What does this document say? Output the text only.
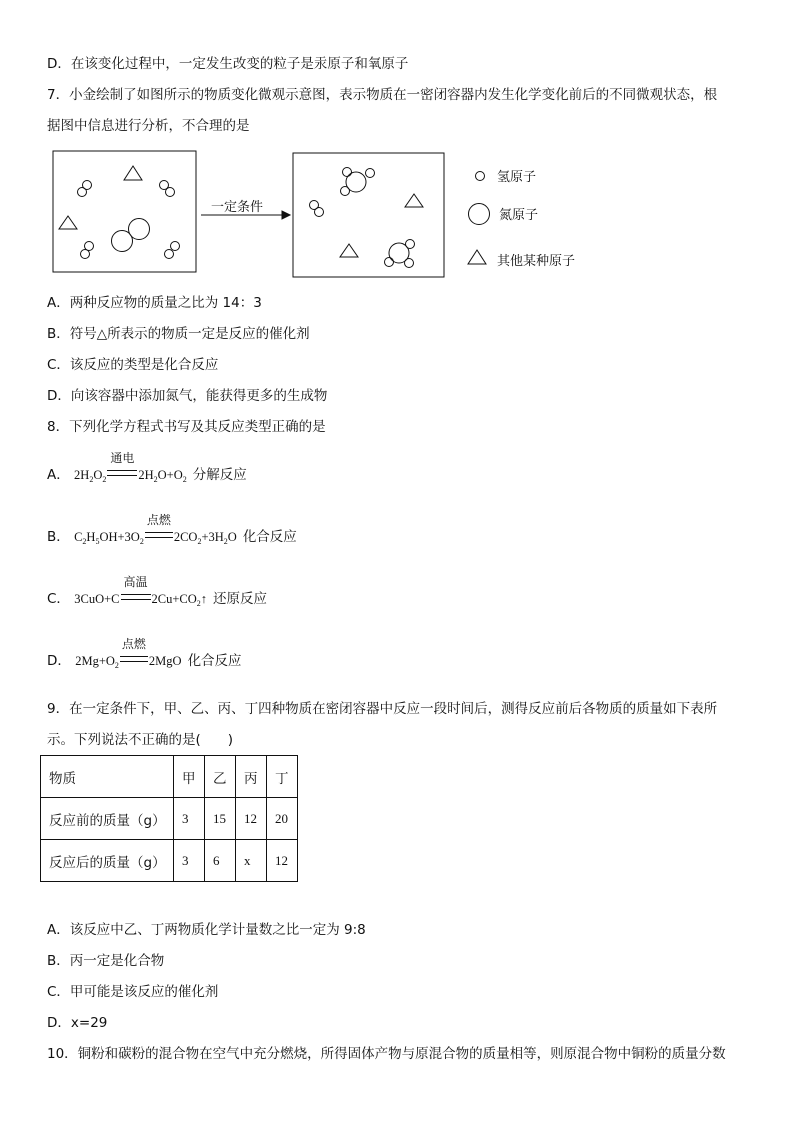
D．在该变化过程中，一定发生改变的粒子是汞原子和氧原子
7．小金绘制了如图所示的物质变化微观示意图，表示物质在一密闭容器内发生化学变化前后的不同微观状态，根
据图中信息进行分析，不合理的是
一定条件
氢原子
氮原子
其他某种原子
A．两种反应物的质量之比为 14：3
B．符号△所表示的物质一定是反应的催化剂
C．该反应的类型是化合反应
D．向该容器中添加氮气，能获得更多的生成物
8．下列化学方程式书写及其反应类型正确的是
A． $2H_2O_2$
通电
$2H_2O+O_2$ 分解反应
B． $C_2H_5OH+3O_2$
点燃
$2CO_2+3H_2O$ 化合反应
C． 3CuO+C
高温
$2Cu+CO_2↑$ 还原反应
D． $2Mg+O_2$
点燃
2MgO 化合反应
9．在一定条件下，甲、乙、丙、丁四种物质在密闭容器中反应一段时间后，测得反应前后各物质的质量如下表所
示。下列说法不正确的是(　　)
物质	甲	乙	丙	丁
反应前的质量（g）	3	15	12	20
反应后的质量（g）	3	6	x	12
A．该反应中乙、丁两物质化学计量数之比一定为 9:8
B．丙一定是化合物
C．甲可能是该反应的催化剂
D．x=29
10．铜粉和碳粉的混合物在空气中充分燃烧，所得固体产物与原混合物的质量相等，则原混合物中铜粉的质量分数
